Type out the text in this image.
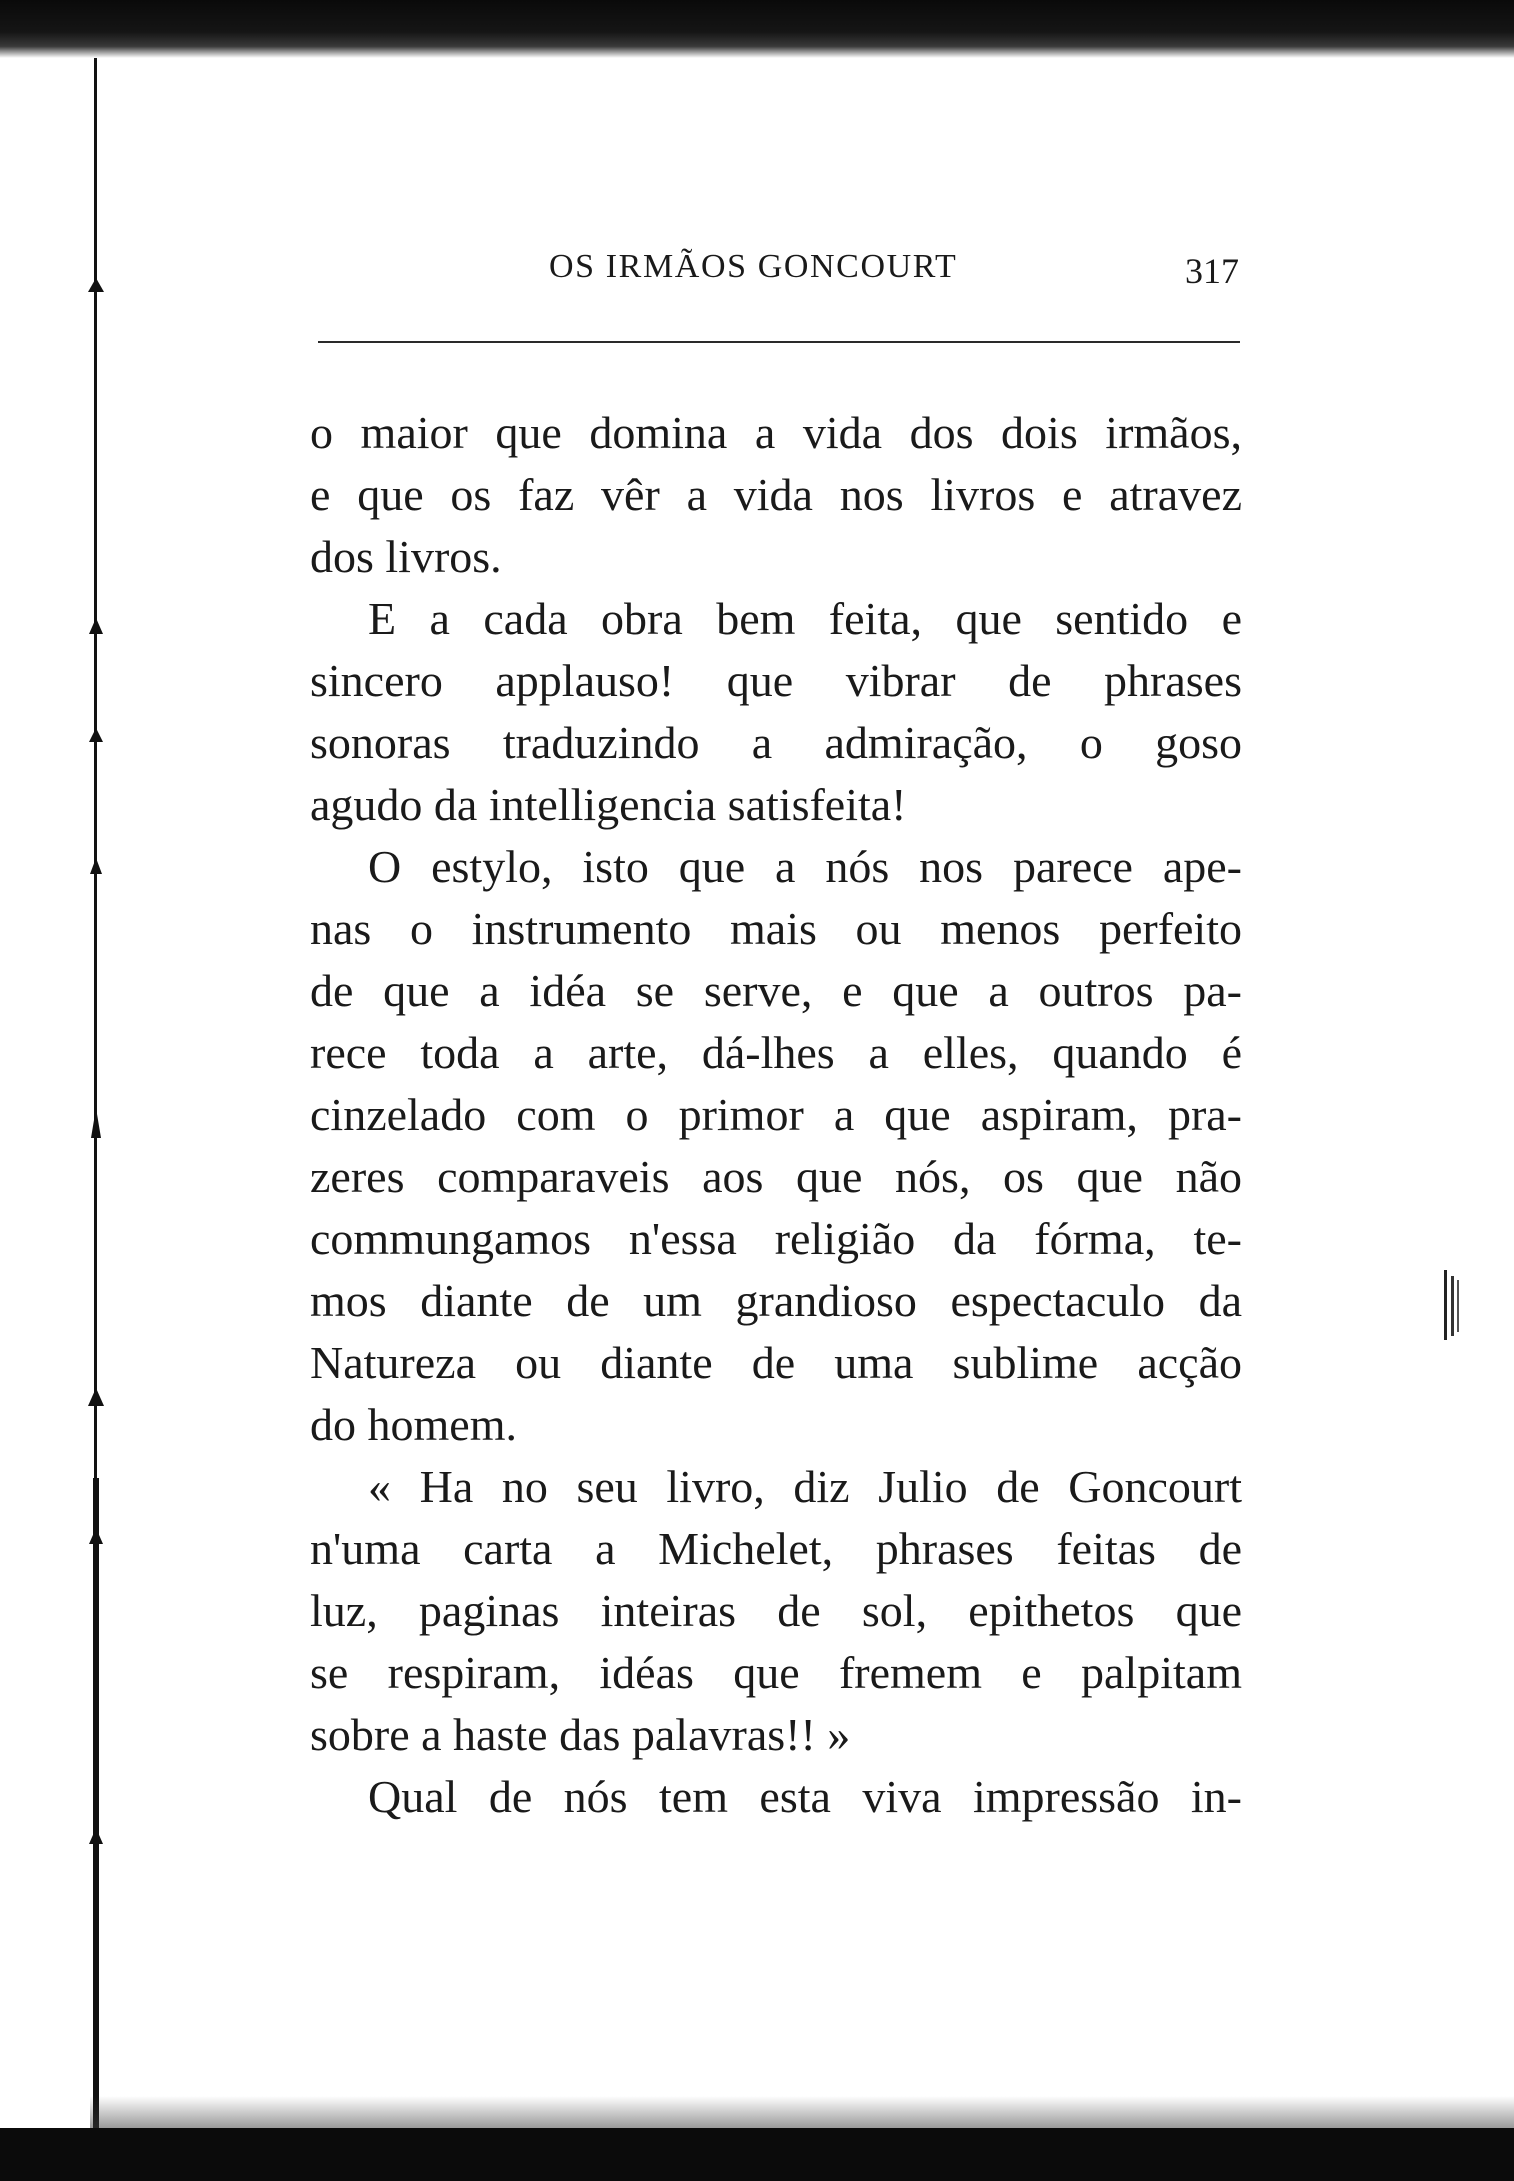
OS IRMÃOS GONCOURT	317
o maior que domina a vida dos dois irmãos,
e que os faz vêr a vida nos livros e atravez
dos livros.
E a cada obra bem feita, que sentido e
sincero applauso! que vibrar de phrases
sonoras traduzindo a admiração, o goso
agudo da intelligencia satisfeita!
O estylo, isto que a nós nos parece ape-
nas o instrumento mais ou menos perfeito
de que a idéa se serve, e que a outros pa-
rece toda a arte, dá-lhes a elles, quando é
cinzelado com o primor a que aspiram, pra-
zeres comparaveis aos que nós, os que não
commungamos n'essa religião da fórma, te-
mos diante de um grandioso espectaculo da
Natureza ou diante de uma sublime acção
do homem.
« Ha no seu livro, diz Julio de Goncourt
n'uma carta a Michelet, phrases feitas de
luz, paginas inteiras de sol, epithetos que
se respiram, idéas que fremem e palpitam
sobre a haste das palavras!! »
Qual de nós tem esta viva impressão in-
